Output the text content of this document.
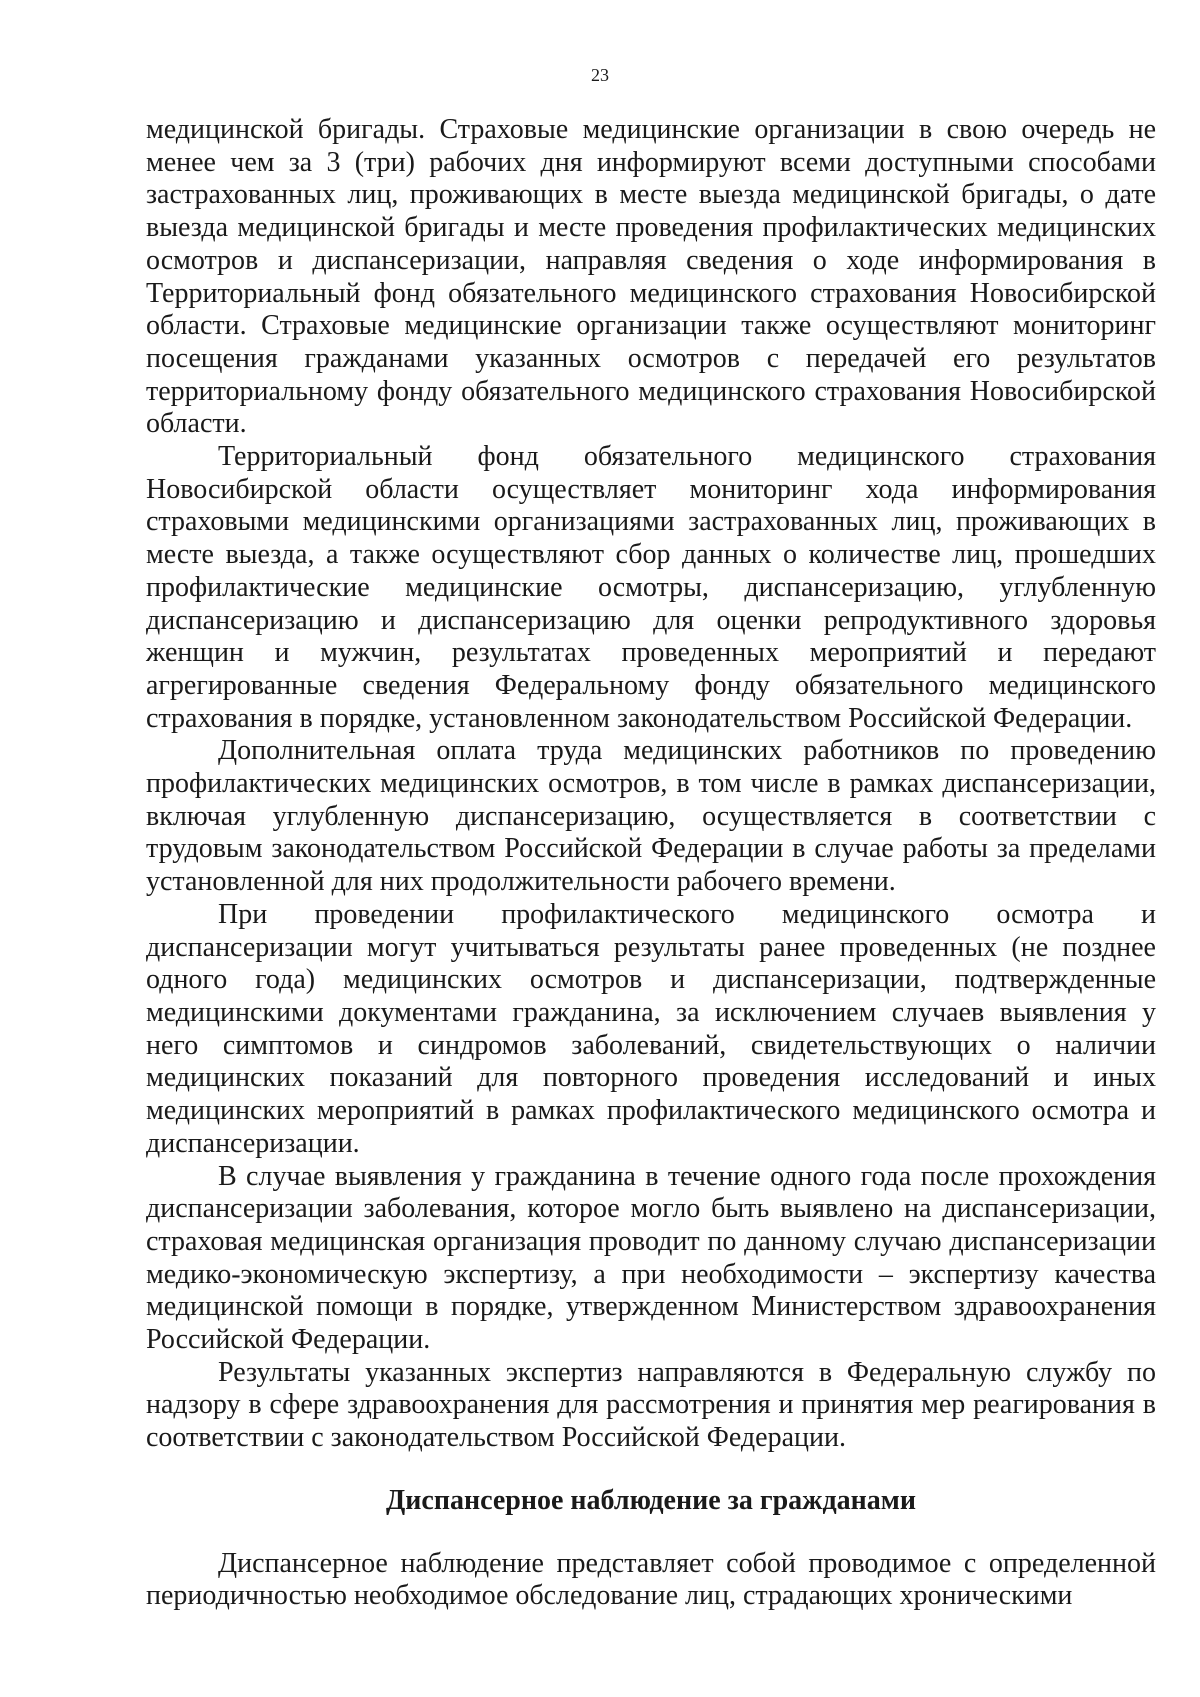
23

медицинской бригады. Страховые медицинские организации в свою очередь не менее чем за 3 (три) рабочих дня информируют всеми доступными способами застрахованных лиц, проживающих в месте выезда медицинской бригады, о дате выезда медицинской бригады и месте проведения профилактических медицинских осмотров и диспансеризации, направляя сведения о ходе информирования в Территориальный фонд обязательного медицинского страхования Новосибирской области. Страховые медицинские организации также осуществляют мониторинг посещения гражданами указанных осмотров с передачей его результатов территориальному фонду обязательного медицинского страхования Новосибирской области.

Территориальный фонд обязательного медицинского страхования Новосибирской области осуществляет мониторинг хода информирования страховыми медицинскими организациями застрахованных лиц, проживающих в месте выезда, а также осуществляют сбор данных о количестве лиц, прошедших профилактические медицинские осмотры, диспансеризацию, углубленную диспансеризацию и диспансеризацию для оценки репродуктивного здоровья женщин и мужчин, результатах проведенных мероприятий и передают агрегированные сведения Федеральному фонду обязательного медицинского страхования в порядке, установленном законодательством Российской Федерации.

Дополнительная оплата труда медицинских работников по проведению профилактических медицинских осмотров, в том числе в рамках диспансеризации, включая углубленную диспансеризацию, осуществляется в соответствии с трудовым законодательством Российской Федерации в случае работы за пределами установленной для них продолжительности рабочего времени.

При проведении профилактического медицинского осмотра и диспансеризации могут учитываться результаты ранее проведенных (не позднее одного года) медицинских осмотров и диспансеризации, подтвержденные медицинскими документами гражданина, за исключением случаев выявления у него симптомов и синдромов заболеваний, свидетельствующих о наличии медицинских показаний для повторного проведения исследований и иных медицинских мероприятий в рамках профилактического медицинского осмотра и диспансеризации.

В случае выявления у гражданина в течение одного года после прохождения диспансеризации заболевания, которое могло быть выявлено на диспансеризации, страховая медицинская организация проводит по данному случаю диспансеризации медико-экономическую экспертизу, а при необходимости – экспертизу качества медицинской помощи в порядке, утвержденном Министерством здравоохранения Российской Федерации.

Результаты указанных экспертиз направляются в Федеральную службу по надзору в сфере здравоохранения для рассмотрения и принятия мер реагирования в соответствии с законодательством Российской Федерации.

Диспансерное наблюдение за гражданами

Диспансерное наблюдение представляет собой проводимое с определенной периодичностью необходимое обследование лиц, страдающих хроническими
